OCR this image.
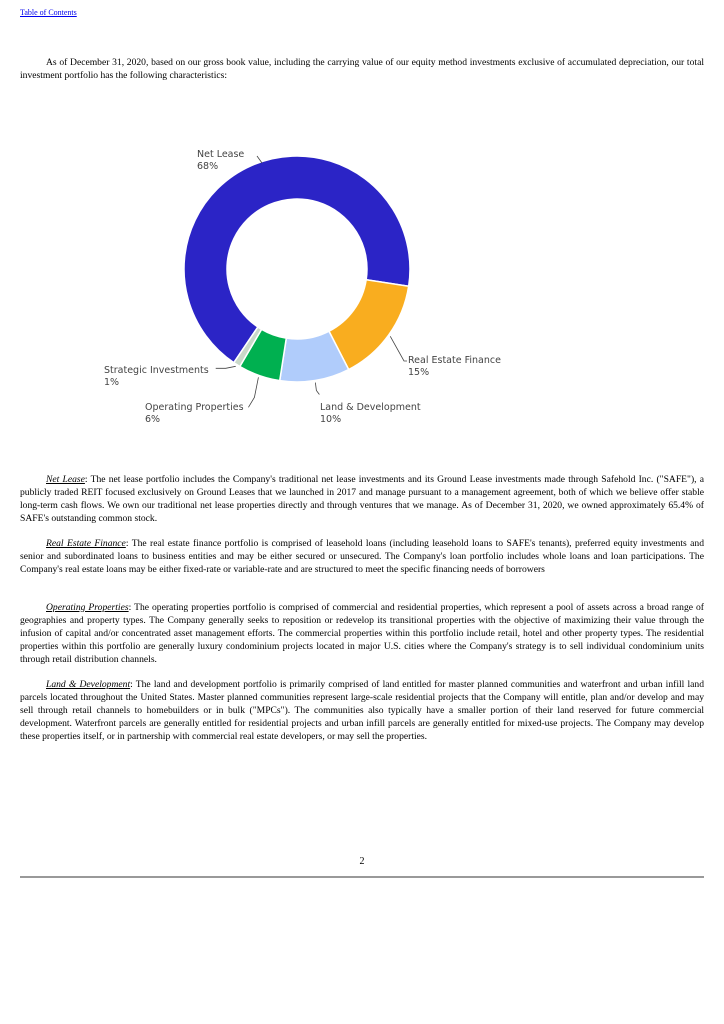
Table of Contents

As of December 31, 2020, based on our gross book value, including the carrying value of our equity method investments exclusive of accumulated depreciation, our total investment portfolio has the following characteristics:

Net Lease
68%
Real Estate Finance
15%
Land & Development
10%
Operating Properties
6%
Strategic Investments
1%

Net Lease: The net lease portfolio includes the Company's traditional net lease investments and its Ground Lease investments made through Safehold Inc. ("SAFE"), a publicly traded REIT focused exclusively on Ground Leases that we launched in 2017 and manage pursuant to a management agreement, both of which we believe offer stable long-term cash flows. We own our traditional net lease properties directly and through ventures that we manage. As of December 31, 2020, we owned approximately 65.4% of SAFE's outstanding common stock.

Real Estate Finance: The real estate finance portfolio is comprised of leasehold loans (including leasehold loans to SAFE's tenants), preferred equity investments and senior and subordinated loans to business entities and may be either secured or unsecured. The Company's loan portfolio includes whole loans and loan participations. The Company's real estate loans may be either fixed-rate or variable-rate and are structured to meet the specific financing needs of borrowers

Operating Properties: The operating properties portfolio is comprised of commercial and residential properties, which represent a pool of assets across a broad range of geographies and property types. The Company generally seeks to reposition or redevelop its transitional properties with the objective of maximizing their value through the infusion of capital and/or concentrated asset management efforts. The commercial properties within this portfolio include retail, hotel and other property types. The residential properties within this portfolio are generally luxury condominium projects located in major U.S. cities where the Company's strategy is to sell individual condominium units through retail distribution channels.

Land & Development: The land and development portfolio is primarily comprised of land entitled for master planned communities and waterfront and urban infill land parcels located throughout the United States. Master planned communities represent large-scale residential projects that the Company will entitle, plan and/or develop and may sell through retail channels to homebuilders or in bulk ("MPCs"). The communities also typically have a smaller portion of their land reserved for future commercial development. Waterfront parcels are generally entitled for residential projects and urban infill parcels are generally entitled for mixed-use projects. The Company may develop these properties itself, or in partnership with commercial real estate developers, or may sell the properties.

2
